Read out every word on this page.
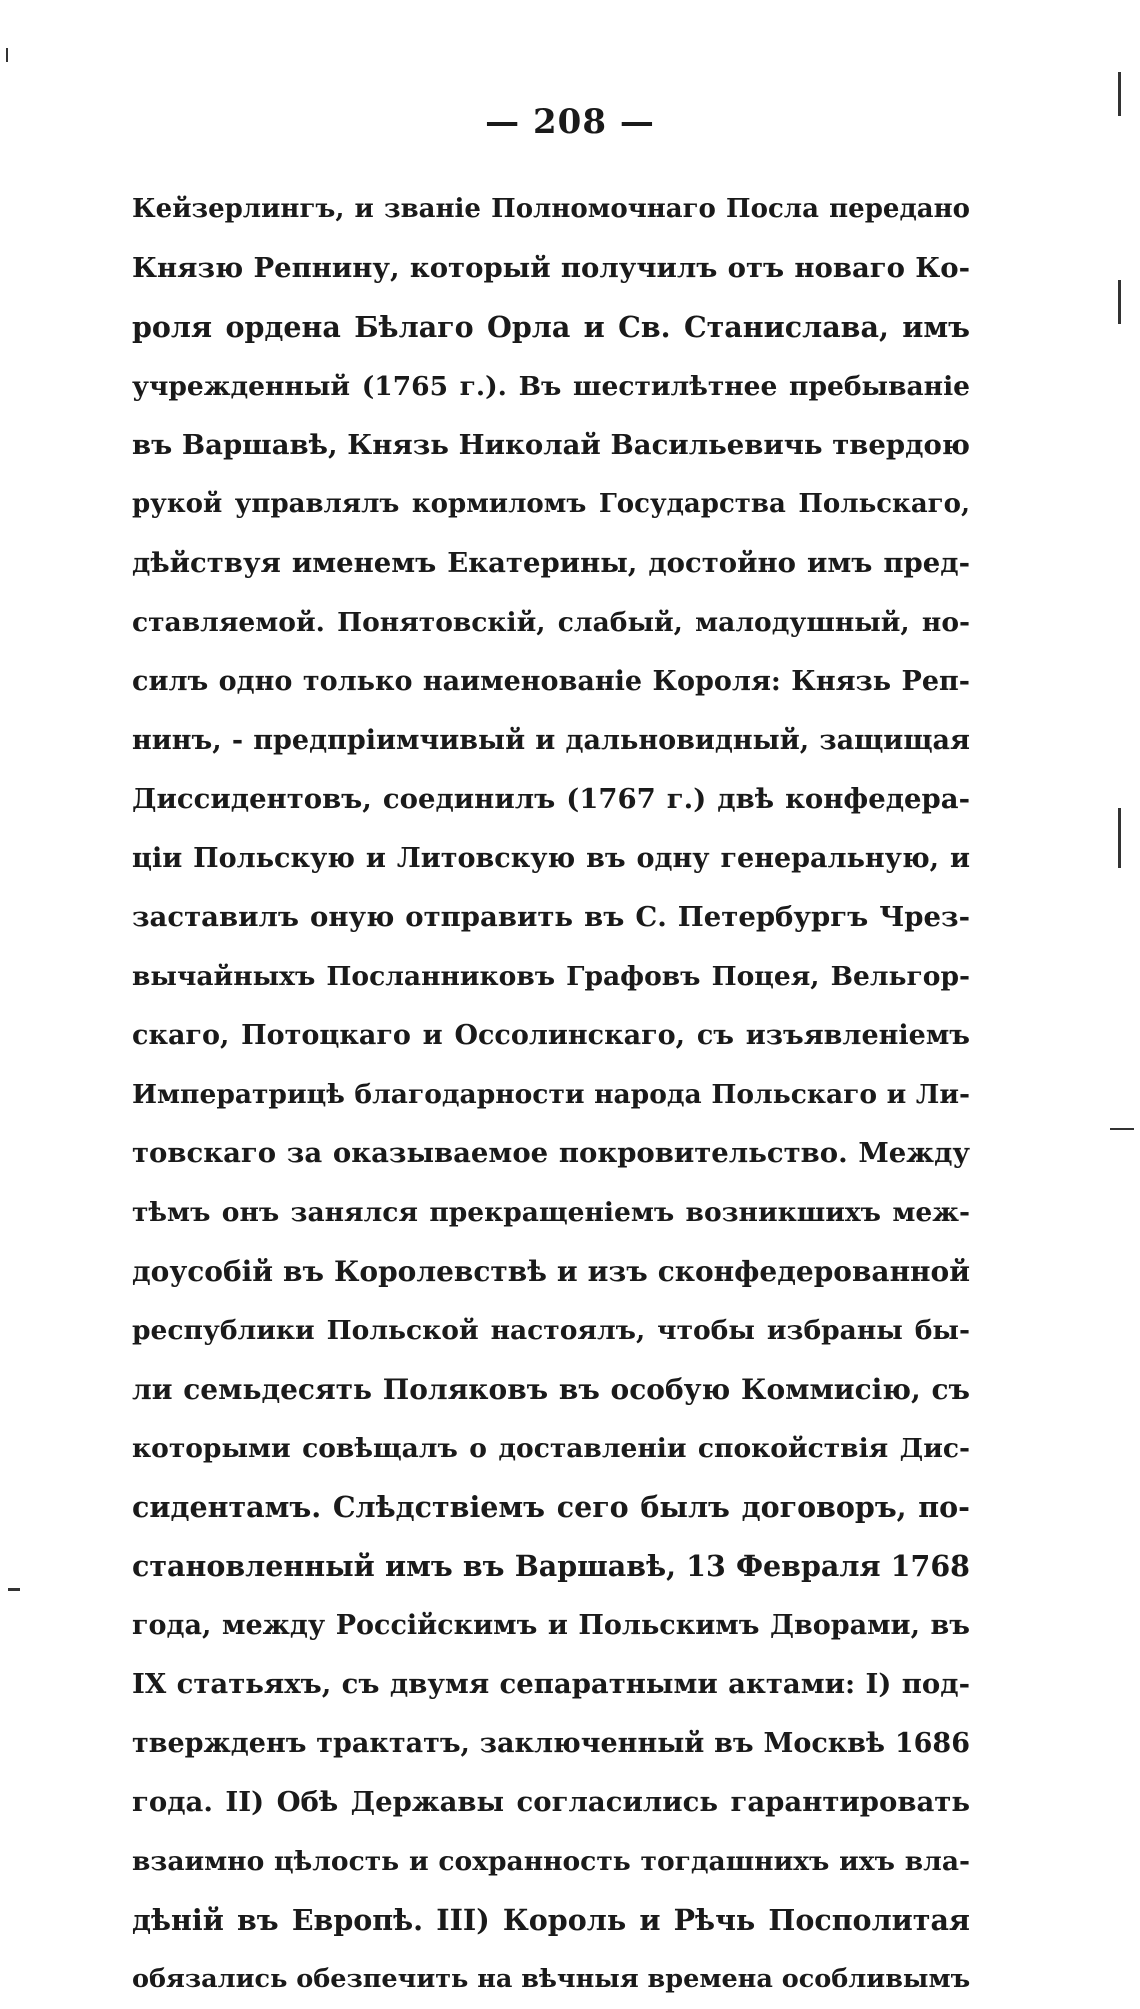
— 208 —
Кейзерлингъ, и званіе Полномочнаго Посла передано
Князю Репнину, который получилъ отъ новаго Ко-
роля ордена Бѣлаго Орла и Св. Станислава, имъ
учрежденный (1765 г.). Въ шестилѣтнее пребываніе
въ Варшавѣ, Князь Николай Васильевичь твердою
рукой управлялъ кормиломъ Государства Польскаго,
дѣйствуя именемъ Екатерины, достойно имъ пред-
ставляемой. Понятовскій, слабый, малодушный, но-
силъ одно только наименованіе Короля: Князь Реп-
нинъ, - предпріимчивый и дальновидный, защищая
Диссидентовъ, соединилъ (1767 г.) двѣ конфедера-
ціи Польскую и Литовскую въ одну генеральную, и
заставилъ оную отправить въ С. Петербургъ Чрез-
вычайныхъ Посланниковъ Графовъ Поцея, Вельгор-
скаго, Потоцкаго и Оссолинскаго, съ изъявленіемъ
Императрицѣ благодарности народа Польскаго и Ли-
товскаго за оказываемое покровительство. Между
тѣмъ онъ занялся прекращеніемъ возникшихъ меж-
доусобій въ Королевствѣ и изъ сконфедерованной
республики Польской настоялъ, чтобы избраны бы-
ли семьдесять Поляковъ въ особую Коммисію, съ
которыми совѣщалъ о доставленіи спокойствія Дис-
сидентамъ. Слѣдствіемъ сего былъ договоръ, по-
становленный имъ въ Варшавѣ, 13 Февраля 1768
года, между Россійскимъ и Польскимъ Дворами, въ
IX статьяхъ, съ двумя сепаратными актами: I) под-
твержденъ трактатъ, заключенный въ Москвѣ 1686
года. II) Обѣ Державы согласились гарантировать
взаимно цѣлость и сохранность тогдашнихъ ихъ вла-
дѣній въ Европѣ. III) Король и Рѣчь Посполитая
обязались обезпечить на вѣчныя времена особливымъ
